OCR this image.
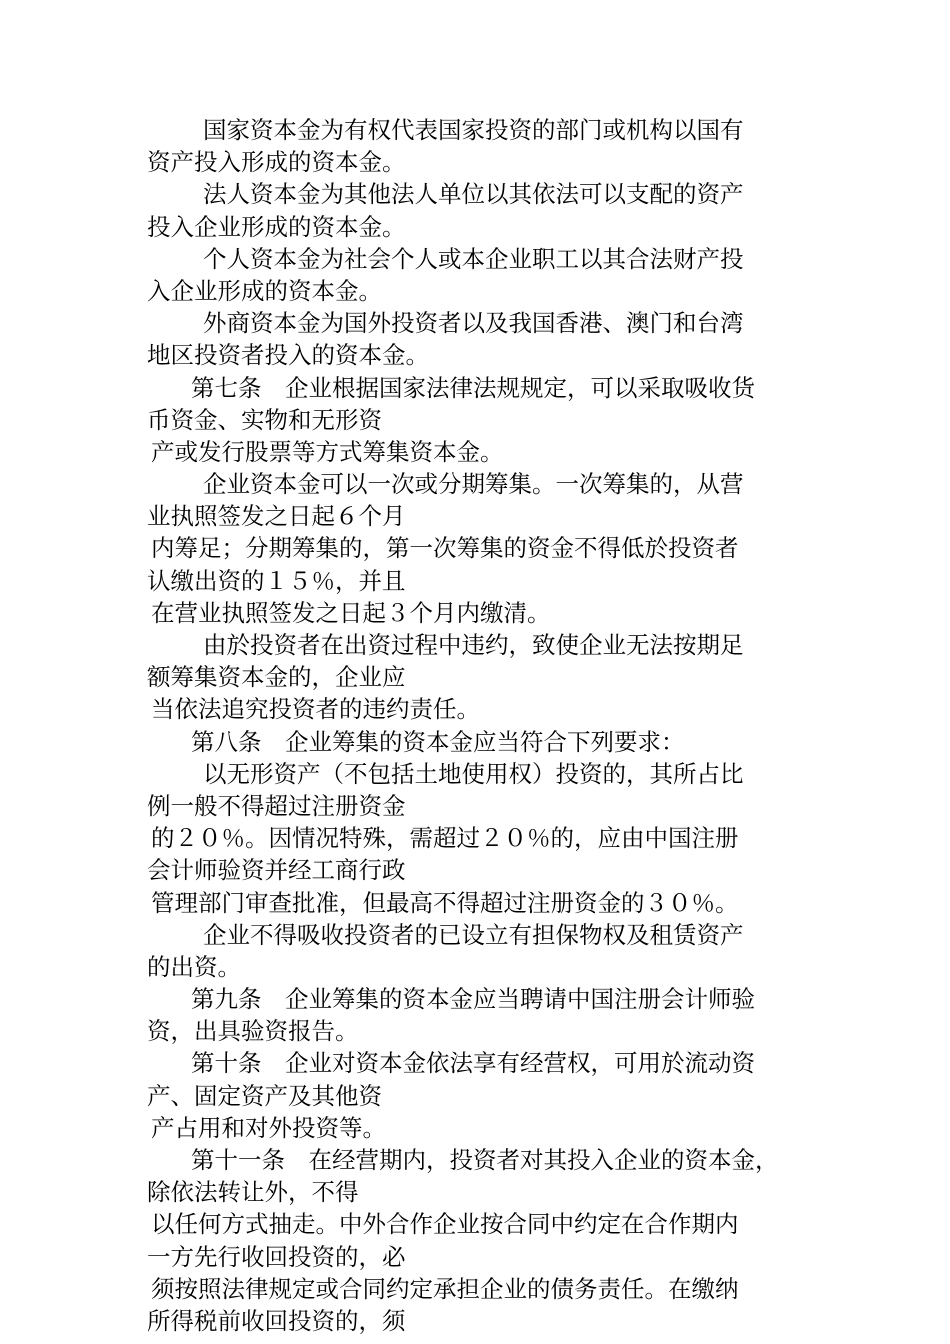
国家资本金为有权代表国家投资的部门或机构以国有
资产投入形成的资本金。
法人资本金为其他法人单位以其依法可以支配的资产
投入企业形成的资本金。
个人资本金为社会个人或本企业职工以其合法财产投
入企业形成的资本金。
外商资本金为国外投资者以及我国香港、澳门和台湾
地区投资者投入的资本金。
第七条　企业根据国家法律法规规定，可以采取吸收货
币资金、实物和无形资
产或发行股票等方式筹集资本金。
企业资本金可以一次或分期筹集。一次筹集的，从营
业执照签发之日起６个月
内筹足；分期筹集的，第一次筹集的资金不得低於投资者
认缴出资的１５％，并且
在营业执照签发之日起３个月内缴清。
由於投资者在出资过程中违约，致使企业无法按期足
额筹集资本金的，企业应
当依法追究投资者的违约责任。
第八条　企业筹集的资本金应当符合下列要求：
以无形资产（不包括土地使用权）投资的，其所占比
例一般不得超过注册资金
的２０％。因情况特殊，需超过２０％的，应由中国注册
会计师验资并经工商行政
管理部门审查批准，但最高不得超过注册资金的３０％。
企业不得吸收投资者的已设立有担保物权及租赁资产
的出资。
第九条　企业筹集的资本金应当聘请中国注册会计师验
资，出具验资报告。
第十条　企业对资本金依法享有经营权，可用於流动资
产、固定资产及其他资
产占用和对外投资等。
第十一条　在经营期内，投资者对其投入企业的资本金，
除依法转让外，不得
以任何方式抽走。中外合作企业按合同中约定在合作期内
一方先行收回投资的，必
须按照法律规定或合同约定承担企业的债务责任。在缴纳
所得税前收回投资的，须
